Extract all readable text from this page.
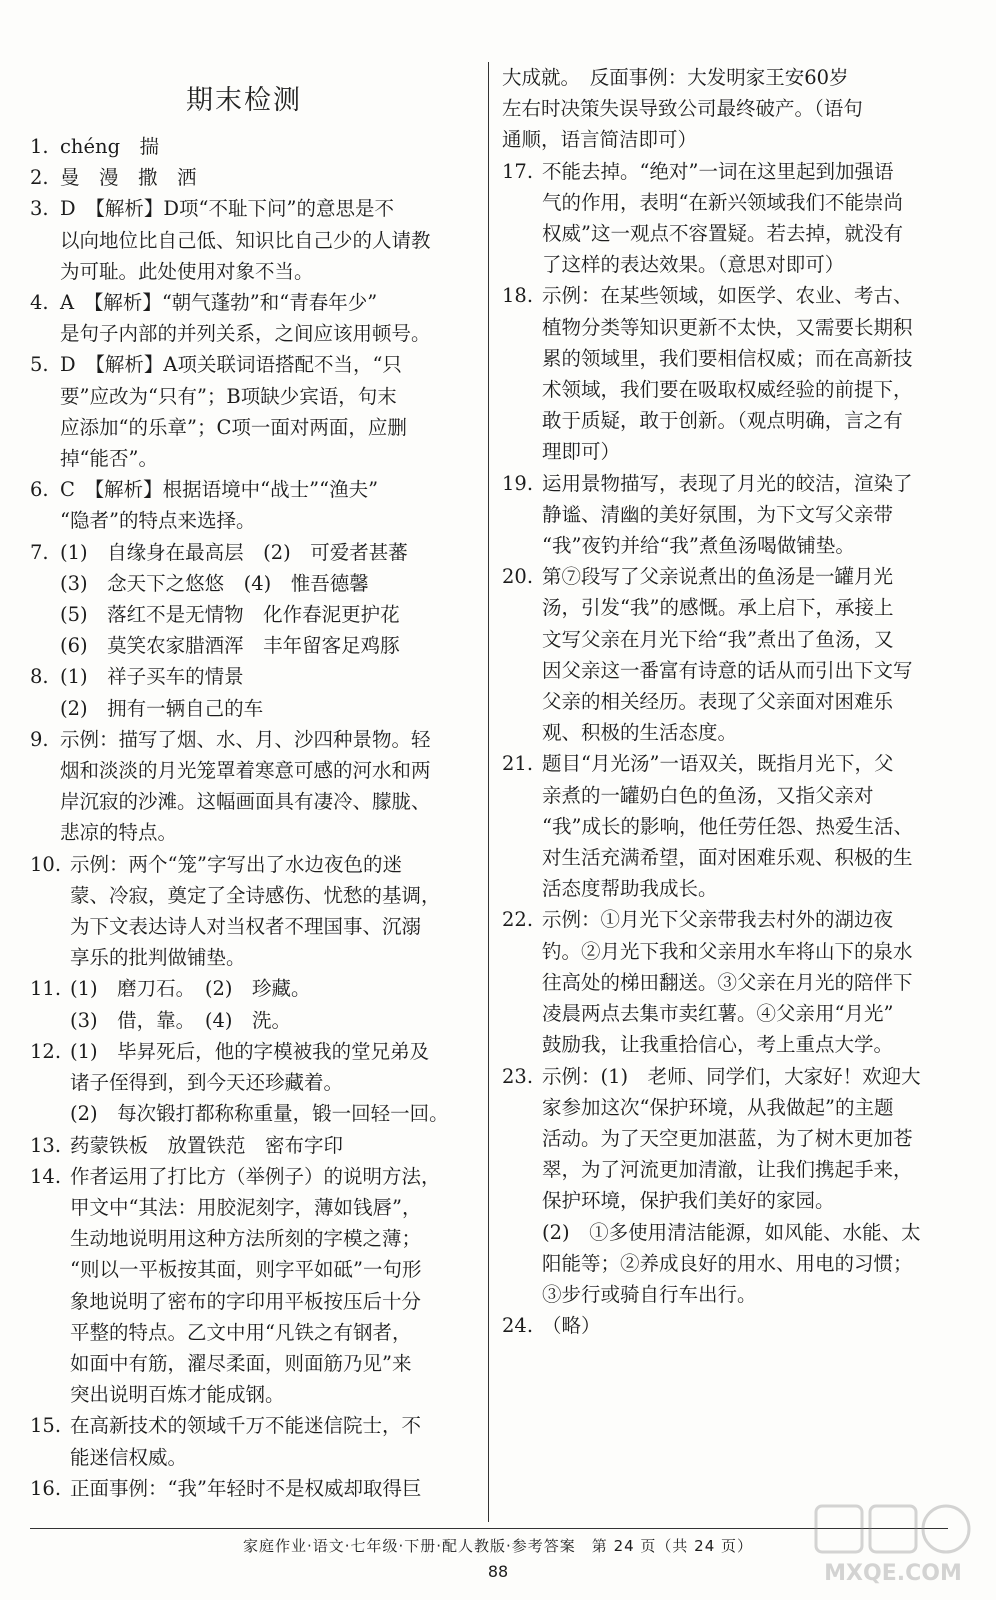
期末检测
1. chéng　揣
2. 曼　漫　撒　洒
3. D　【解析】D项“不耻下问”的意思是不
以向地位比自己低、知识比自己少的人请教
为可耻。此处使用对象不当。
4. A　【解析】“朝气蓬勃”和“青春年少”
是句子内部的并列关系，之间应该用顿号。
5. D　【解析】A项关联词语搭配不当，“只
要”应改为“只有”；B项缺少宾语，句末
应添加“的乐章”；C项一面对两面，应删
掉“能否”。
6. C　【解析】根据语境中“战士”“渔夫”
“隐者”的特点来选择。
7. (1)　自缘身在最高层　(2)　可爱者甚蕃
(3)　念天下之悠悠　(4)　惟吾德馨
(5)　落红不是无情物　化作春泥更护花
(6)　莫笑农家腊酒浑　丰年留客足鸡豚
8. (1)　祥子买车的情景
(2)　拥有一辆自己的车
9. 示例：描写了烟、水、月、沙四种景物。轻
烟和淡淡的月光笼罩着寒意可感的河水和两
岸沉寂的沙滩。这幅画面具有凄冷、朦胧、
悲凉的特点。
10. 示例：两个“笼”字写出了水边夜色的迷
蒙、冷寂，奠定了全诗感伤、忧愁的基调，
为下文表达诗人对当权者不理国事、沉溺
享乐的批判做铺垫。
11. (1)　磨刀石。　(2)　珍藏。
(3)　借，靠。　(4)　洗。
12. (1)　毕昇死后，他的字模被我的堂兄弟及
诸子侄得到，到今天还珍藏着。
(2)　每次锻打都称称重量，锻一回轻一回。
13. 药蒙铁板　放置铁范　密布字印
14. 作者运用了打比方（举例子）的说明方法，
甲文中“其法：用胶泥刻字，薄如钱唇”，
生动地说明用这种方法所刻的字模之薄；
“则以一平板按其面，则字平如砥”一句形
象地说明了密布的字印用平板按压后十分
平整的特点。乙文中用“凡铁之有钢者，
如面中有筋，濯尽柔面，则面筋乃见”来
突出说明百炼才能成钢。
15. 在高新技术的领域千万不能迷信院士，不
能迷信权威。
16. 正面事例：“我”年轻时不是权威却取得巨
大成就。　反面事例：大发明家王安60岁
左右时决策失误导致公司最终破产。（语句
通顺，语言简洁即可）
17. 不能去掉。“绝对”一词在这里起到加强语
气的作用，表明“在新兴领域我们不能崇尚
权威”这一观点不容置疑。若去掉，就没有
了这样的表达效果。（意思对即可）
18. 示例：在某些领域，如医学、农业、考古、
植物分类等知识更新不太快，又需要长期积
累的领域里，我们要相信权威；而在高新技
术领域，我们要在吸取权威经验的前提下，
敢于质疑，敢于创新。（观点明确，言之有
理即可）
19. 运用景物描写，表现了月光的皎洁，渲染了
静谧、清幽的美好氛围，为下文写父亲带
“我”夜钓并给“我”煮鱼汤喝做铺垫。
20. 第⑦段写了父亲说煮出的鱼汤是一罐月光
汤，引发“我”的感慨。承上启下，承接上
文写父亲在月光下给“我”煮出了鱼汤，又
因父亲这一番富有诗意的话从而引出下文写
父亲的相关经历。表现了父亲面对困难乐
观、积极的生活态度。
21. 题目“月光汤”一语双关，既指月光下，父
亲煮的一罐奶白色的鱼汤，又指父亲对
“我”成长的影响，他任劳任怨、热爱生活、
对生活充满希望，面对困难乐观、积极的生
活态度帮助我成长。
22. 示例：①月光下父亲带我去村外的湖边夜
钓。②月光下我和父亲用水车将山下的泉水
往高处的梯田翻送。③父亲在月光的陪伴下
凌晨两点去集市卖红薯。④父亲用“月光”
鼓励我，让我重拾信心，考上重点大学。
23. 示例：(1)　老师、同学们，大家好！欢迎大
家参加这次“保护环境，从我做起”的主题
活动。为了天空更加湛蓝，为了树木更加苍
翠，为了河流更加清澈，让我们携起手来，
保护环境，保护我们美好的家园。
(2)　①多使用清洁能源，如风能、水能、太
阳能等；②养成良好的用水、用电的习惯；
③步行或骑自行车出行。
24. （略）
家庭作业·语文·七年级·下册·配人教版·参考答案　第 24 页（共 24 页）
88	MXQE.COM
